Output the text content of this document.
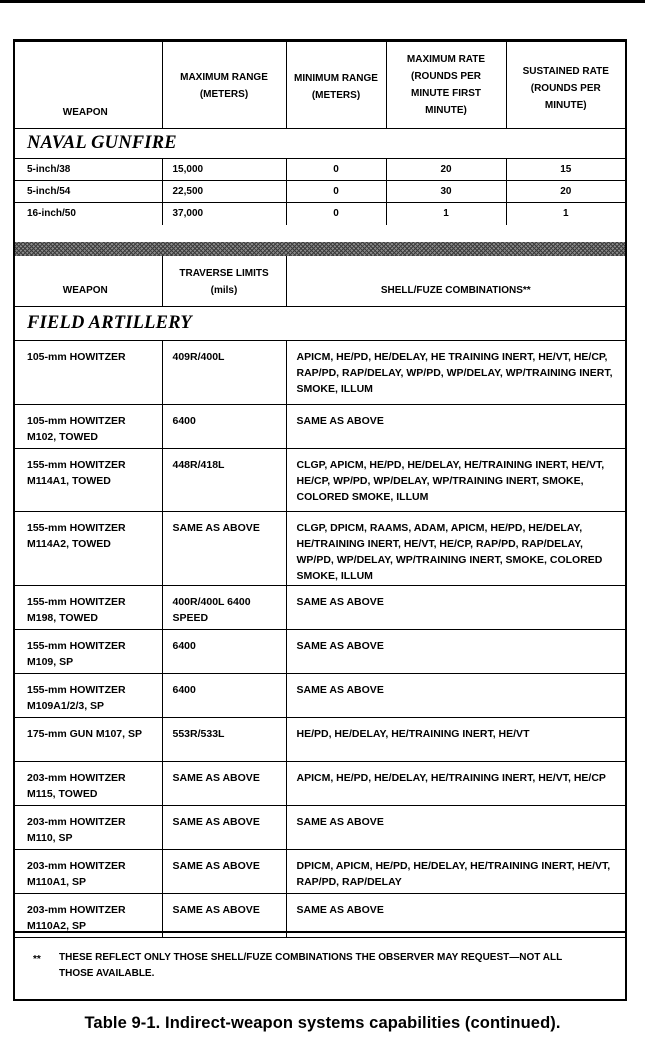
WEAPON	MAXIMUM RANGE (METERS)	MINIMUM RANGE (METERS)	MAXIMUM RATE (ROUNDS PER MINUTE FIRST MINUTE)	SUSTAINED RATE (ROUNDS PER MINUTE)
NAVAL GUNFIRE				
5-inch/38	15,000	0	20	15
5-inch/54	22,500	0	30	20
16-inch/50	37,000	0	1	1
WEAPON	TRAVERSE LIMITS (mils)	SHELL/FUZE COMBINATIONS**
FIELD ARTILLERY		
105-mm HOWITZER	409R/400L	APICM, HE/PD, HE/DELAY, HE TRAINING INERT, HE/VT, HE/CP, RAP/PD, RAP/DELAY, WP/PD, WP/DELAY, WP/TRAINING INERT, SMOKE, ILLUM
105-mm HOWITZER M102, TOWED	6400	SAME AS ABOVE
155-mm HOWITZER M114A1, TOWED	448R/418L	CLGP, APICM, HE/PD, HE/DELAY, HE/TRAINING INERT, HE/VT, HE/CP, WP/PD, WP/DELAY, WP/TRAINING INERT, SMOKE, COLORED SMOKE, ILLUM
155-mm HOWITZER M114A2, TOWED	SAME AS ABOVE	CLGP, DPICM, RAAMS, ADAM, APICM, HE/PD, HE/DELAY, HE/TRAINING INERT, HE/VT, HE/CP, RAP/PD, RAP/DELAY, WP/PD, WP/DELAY, WP/TRAINING INERT, SMOKE, COLORED SMOKE, ILLUM
155-mm HOWITZER M198, TOWED	400R/400L 6400 SPEED	SAME AS ABOVE
155-mm HOWITZER M109, SP	6400	SAME AS ABOVE
155-mm HOWITZER M109A1/2/3, SP	6400	SAME AS ABOVE
175-mm GUN M107, SP	553R/533L	HE/PD, HE/DELAY, HE/TRAINING INERT, HE/VT
203-mm HOWITZER M115, TOWED	SAME AS ABOVE	APICM, HE/PD, HE/DELAY, HE/TRAINING INERT, HE/VT, HE/CP
203-mm HOWITZER M110, SP	SAME AS ABOVE	SAME AS ABOVE
203-mm HOWITZER M110A1, SP	SAME AS ABOVE	DPICM, APICM, HE/PD, HE/DELAY, HE/TRAINING INERT, HE/VT, RAP/PD, RAP/DELAY
203-mm HOWITZER M110A2, SP	SAME AS ABOVE	SAME AS ABOVE
** THESE REFLECT ONLY THOSE SHELL/FUZE COMBINATIONS THE OBSERVER MAY REQUEST—NOT ALL THOSE AVAILABLE.
Table 9-1. Indirect-weapon systems capabilities (continued).
